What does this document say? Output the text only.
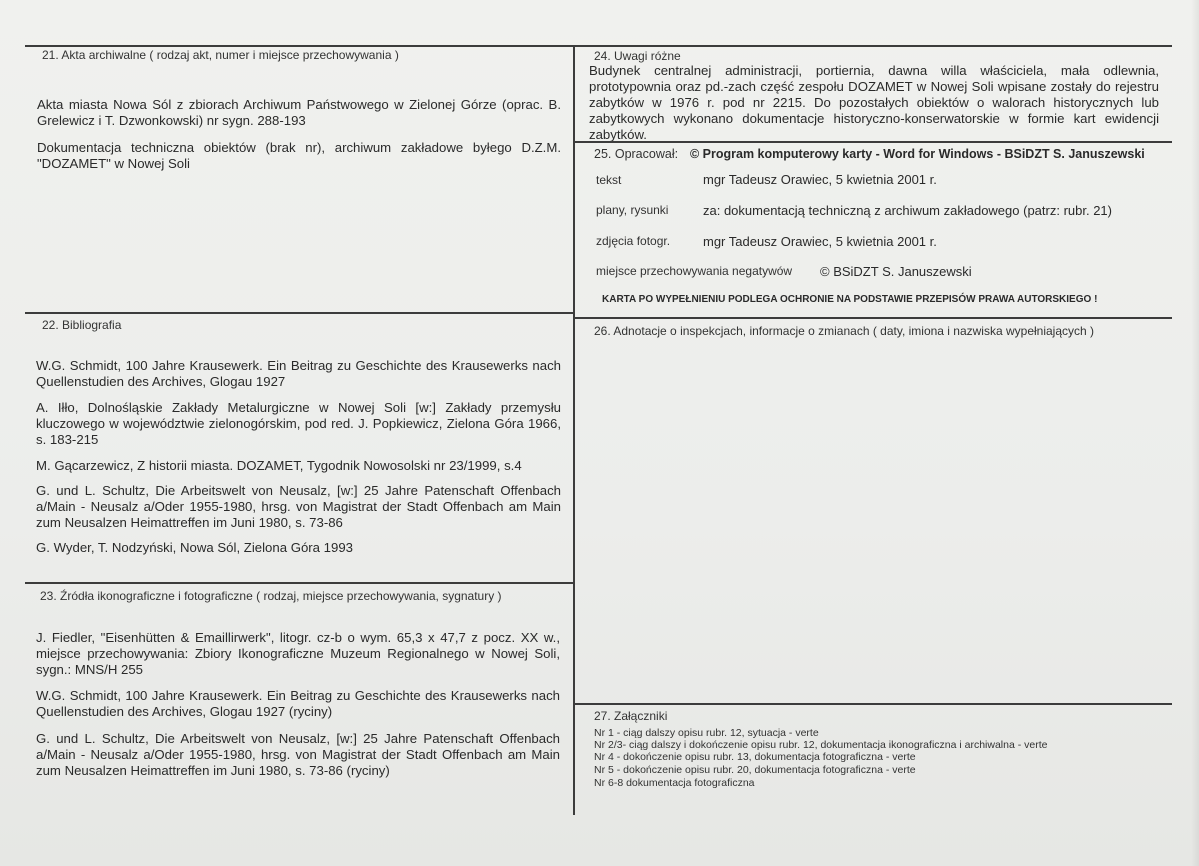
21. Akta archiwalne ( rodzaj akt, numer i miejsce przechowywania )
Akta miasta Nowa Sól z zbiorach Archiwum Państwowego w Zielonej Górze (oprac. B. Grelewicz i T. Dzwonkowski) nr sygn. 288-193
Dokumentacja techniczna obiektów (brak nr), archiwum zakładowe byłego D.Z.M. "DOZAMET" w Nowej Soli
22. Bibliografia
W.G. Schmidt, 100 Jahre Krausewerk. Ein Beitrag zu Geschichte des Krausewerks nach Quellenstudien des Archives, Glogau 1927
A. Iłło, Dolnośląskie Zakłady Metalurgiczne w Nowej Soli [w:] Zakłady przemysłu kluczowego w województwie zielonogórskim, pod red. J. Popkiewicz, Zielona Góra 1966, s. 183-215
M. Gącarzewicz, Z historii miasta. DOZAMET, Tygodnik Nowosolski nr 23/1999, s.4
G. und L. Schultz, Die Arbeitswelt von Neusalz, [w:] 25 Jahre Patenschaft Offenbach a/Main - Neusalz a/Oder 1955-1980, hrsg. von Magistrat der Stadt Offenbach am Main zum Neusalzen Heimattreffen im Juni 1980, s. 73-86
G. Wyder, T. Nodzyński, Nowa Sól, Zielona Góra 1993
23. Źródła ikonograficzne i fotograficzne ( rodzaj, miejsce przechowywania, sygnatury )
J. Fiedler, "Eisenhütten & Emaillirwerk", litogr. cz-b o wym. 65,3 x 47,7 z pocz. XX w., miejsce przechowywania: Zbiory Ikonograficzne Muzeum Regionalnego w Nowej Soli, sygn.: MNS/H 255
W.G. Schmidt, 100 Jahre Krausewerk. Ein Beitrag zu Geschichte des Krausewerks nach Quellenstudien des Archives, Glogau 1927 (ryciny)
G. und L. Schultz, Die Arbeitswelt von Neusalz, [w:] 25 Jahre Patenschaft Offenbach a/Main - Neusalz a/Oder 1955-1980, hrsg. von Magistrat der Stadt Offenbach am Main zum Neusalzen Heimattreffen im Juni 1980, s. 73-86 (ryciny)
24. Uwagi różne
Budynek centralnej administracji, portiernia, dawna willa właściciela, mała odlewnia, prototypownia oraz pd.-zach część zespołu DOZAMET w Nowej Soli wpisane zostały do rejestru zabytków w 1976 r. pod nr 2215. Do pozostałych obiektów o walorach historycznych lub zabytkowych wykonano dokumentacje historyczno-konserwatorskie w formie kart ewidencji zabytków.
25. Opracował: © Program komputerowy karty - Word for Windows - BSiDZT S. Januszewski
tekst	mgr Tadeusz Orawiec, 5 kwietnia 2001 r.
plany, rysunki	za: dokumentacją techniczną z archiwum zakładowego (patrz: rubr. 21)
zdjęcia fotogr.	mgr Tadeusz Orawiec, 5 kwietnia 2001 r.
miejsce przechowywania negatywów © BSiDZT S. Januszewski
KARTA PO WYPEŁNIENIU PODLEGA OCHRONIE NA PODSTAWIE PRZEPISÓW PRAWA AUTORSKIEGO !
26. Adnotacje o inspekcjach, informacje o zmianach ( daty, imiona i nazwiska wypełniających )
27. Załączniki
Nr 1 - ciąg dalszy opisu rubr. 12, sytuacja - verte
Nr 2/3- ciąg dalszy i dokończenie opisu rubr. 12, dokumentacja ikonograficzna i archiwalna - verte
Nr 4 - dokończenie opisu rubr. 13, dokumentacja fotograficzna - verte
Nr 5 - dokończenie opisu rubr. 20, dokumentacja fotograficzna - verte
Nr 6-8 dokumentacja fotograficzna
